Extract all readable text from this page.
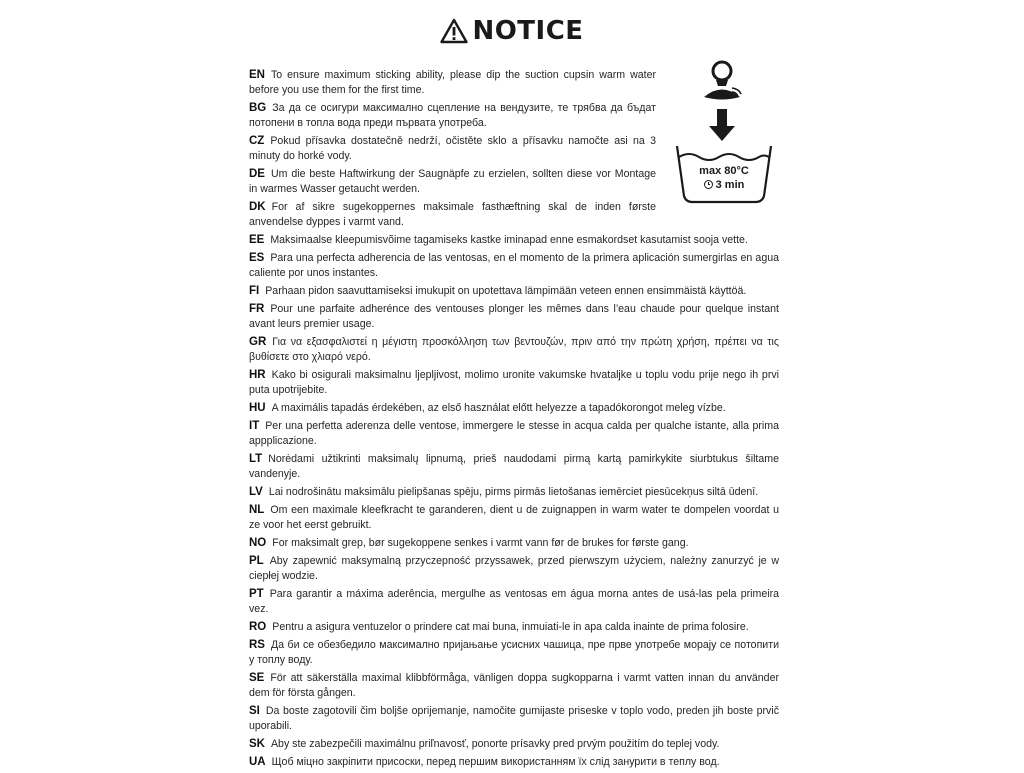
NOTICE
max 80°C
3 min
EN To ensure maximum sticking ability, please dip the suction cupsin warm water before you use them for the first time.
BG За да се осигури максимално сцепление на вендузите, те трябва да бъдат потопени в топла вода преди първата употреба.
CZ Pokud přísavka dostatečně nedrží, očistěte sklo a přísavku namočte asi na 3 minuty do horké vody.
DE Um die beste Haftwirkung der Saugnäpfe zu erzielen, sollten diese vor Montage in warmes Wasser getaucht werden.
DK For af sikre sugekoppernes maksimale fasthæftning skal de inden første anvendelse dyppes i varmt vand.
EE Maksimaalse kleepumisvõime tagamiseks kastke iminapad enne esmakordset kasutamist sooja vette.
ES Para una perfecta adherencia de las ventosas, en el momento de la primera aplicación sumergirlas en agua caliente por unos instantes.
FI Parhaan pidon saavuttamiseksi imukupit on upotettava lämpimään veteen ennen ensimmäistä käyttöä.
FR Pour une parfaite adherénce des ventouses plonger les mêmes dans l’eau chaude pour quelque instant avant leurs premier usage.
GR Για να εξασφαλιστεί η μέγιστη προσκόλληση των βεντουζών, πριν από την πρώτη χρήση, πρέπει να τις βυθίσετε στο χλιαρό νερό.
HR Kako bi osigurali maksimalnu ljepljivost, molimo uronite vakumske hvataljke u toplu vodu prije nego ih prvi puta upotrijebite.
HU A maximális tapadás érdekében, az első használat előtt helyezze a tapadókorongot meleg vízbe.
IT Per una perfetta aderenza delle ventose, immergere le stesse in acqua calda per qualche istante, alla prima appplicazione.
LT Norėdami užtikrinti maksimalų lipnumą, prieš naudodami pirmą kartą pamirkykite siurbtukus šiltame vandenyje.
LV Lai nodrošinātu maksimālu pielipšanas spēju, pirms pirmās lietošanas iemērciet piesūcekņus siltā ūdenī.
NL Om een maximale kleefkracht te garanderen, dient u de zuignappen in warm water te dompelen voordat u ze voor het eerst gebruikt.
NO For maksimalt grep, bør sugekoppene senkes i varmt vann før de brukes for første gang.
PL Aby zapewnić maksymalną przyczepność przyssawek, przed pierwszym użyciem, należny zanurzyć je w ciepłej wodzie.
PT Para garantir a máxima aderência, mergulhe as ventosas em água morna antes de usá-las pela primeira vez.
RO Pentru a asigura ventuzelor o prindere cat mai buna, inmuiati-le in apa calda inainte de prima folosire.
RS Да би се обезбедило максимално пријањање усисних чашица, пре прве употребе морају се потопити у топлу воду.
SE För att säkerställa maximal klibbförmåga, vänligen doppa sugkopparna i varmt vatten innan du använder dem för första gången.
SI Da boste zagotovili čim boljše oprijemanje, namočite gumijaste priseske v toplo vodo, preden jih boste prvič uporabili.
SK Aby ste zabezpečili maximálnu priľnavosť, ponorte prísavky pred prvým použitím do teplej vody.
UA Щоб міцно закріпити присоски, перед першим використанням їх слід занурити в теплу вод.
